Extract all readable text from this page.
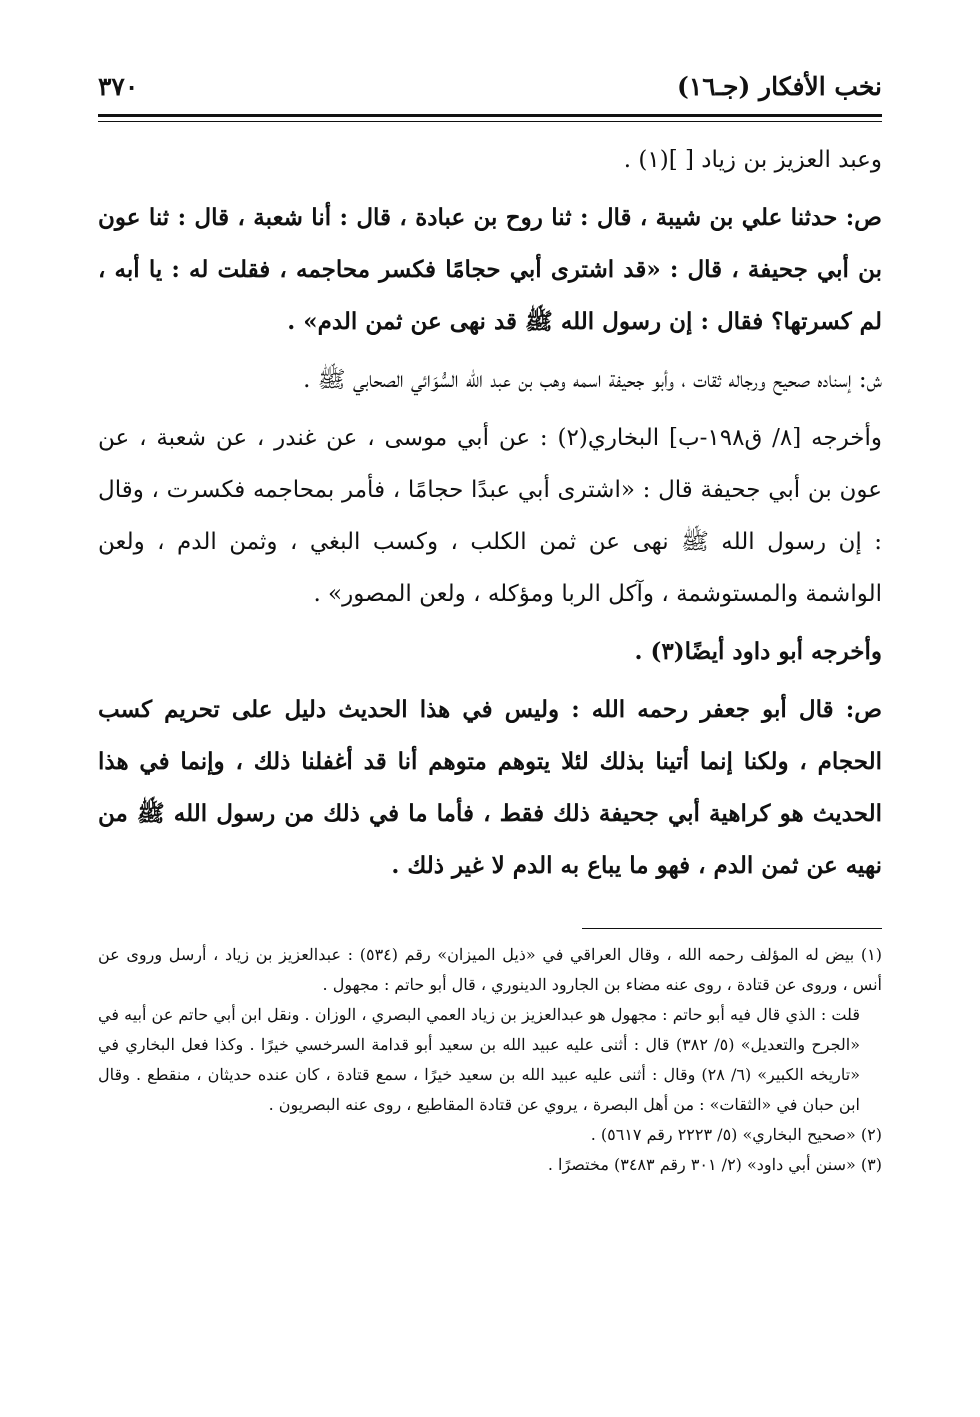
نخب الأفكار (جـ١٦)
٣٧٠

وعبد العزيز بن زياد [ ](١) .

ص: حدثنا علي بن شيبة ، قال : ثنا روح بن عبادة ، قال : أنا شعبة ، قال : ثنا عون بن أبي جحيفة ، قال : «قد اشترى أبي حجامًا فكسر محاجمه ، فقلت له : يا أبه ، لم كسرتها؟ فقال : إن رسول الله ﷺ قد نهى عن ثمن الدم» .

ش: إسناده صحيح ورجاله ثقات ، وأبو جحيفة اسمه وهب بن عبد الله السُّوَائي الصحابي ﷺ .

وأخرجه [٨/ ق١٩٨-ب] البخاري(٢) : عن أبي موسى ، عن غندر ، عن شعبة ، عن عون بن أبي جحيفة قال : «اشترى أبي عبدًا حجامًا ، فأمر بمحاجمه فكسرت ، وقال : إن رسول الله ﷺ نهى عن ثمن الكلب ، وكسب البغي ، وثمن الدم ، ولعن الواشمة والمستوشمة ، وآكل الربا ومؤكله ، ولعن المصور» .

وأخرجه أبو داود أيضًا(٣) .

ص: قال أبو جعفر رحمه الله : وليس في هذا الحديث دليل على تحريم كسب الحجام ، ولكنا إنما أتينا بذلك لئلا يتوهم متوهم أنا قد أغفلنا ذلك ، وإنما في هذا الحديث هو كراهية أبي جحيفة ذلك فقط ، فأما ما في ذلك من رسول الله ﷺ من نهيه عن ثمن الدم ، فهو ما يباع به الدم لا غير ذلك .

(١) بيض له المؤلف رحمه الله ، وقال العراقي في «ذيل الميزان» رقم (٥٣٤) : عبدالعزيز بن زياد ، أرسل وروى عن أنس ، وروى عن قتادة ، روى عنه مضاء بن الجارود الدينوري ، قال أبو حاتم : مجهول .

قلت : الذي قال فيه أبو حاتم : مجهول هو عبدالعزيز بن زياد العمي البصري ، الوزان . ونقل ابن أبي حاتم عن أبيه في «الجرح والتعديل» (٥/ ٣٨٢) قال : أثنى عليه عبيد الله بن سعيد أبو قدامة السرخسي خيرًا . وكذا فعل البخاري في «تاريخه الكبير» (٦/ ٢٨) وقال : أثنى عليه عبيد الله بن سعيد خيرًا ، سمع قتادة ، كان عنده حديثان ، منقطع . وقال ابن حبان في «الثقات» : من أهل البصرة ، يروي عن قتادة المقاطيع ، روى عنه البصريون .

(٢) «صحيح البخاري» (٥/ ٢٢٢٣ رقم ٥٦١٧) .

(٣) «سنن أبي داود» (٢/ ٣٠١ رقم ٣٤٨٣) مختصرًا .
